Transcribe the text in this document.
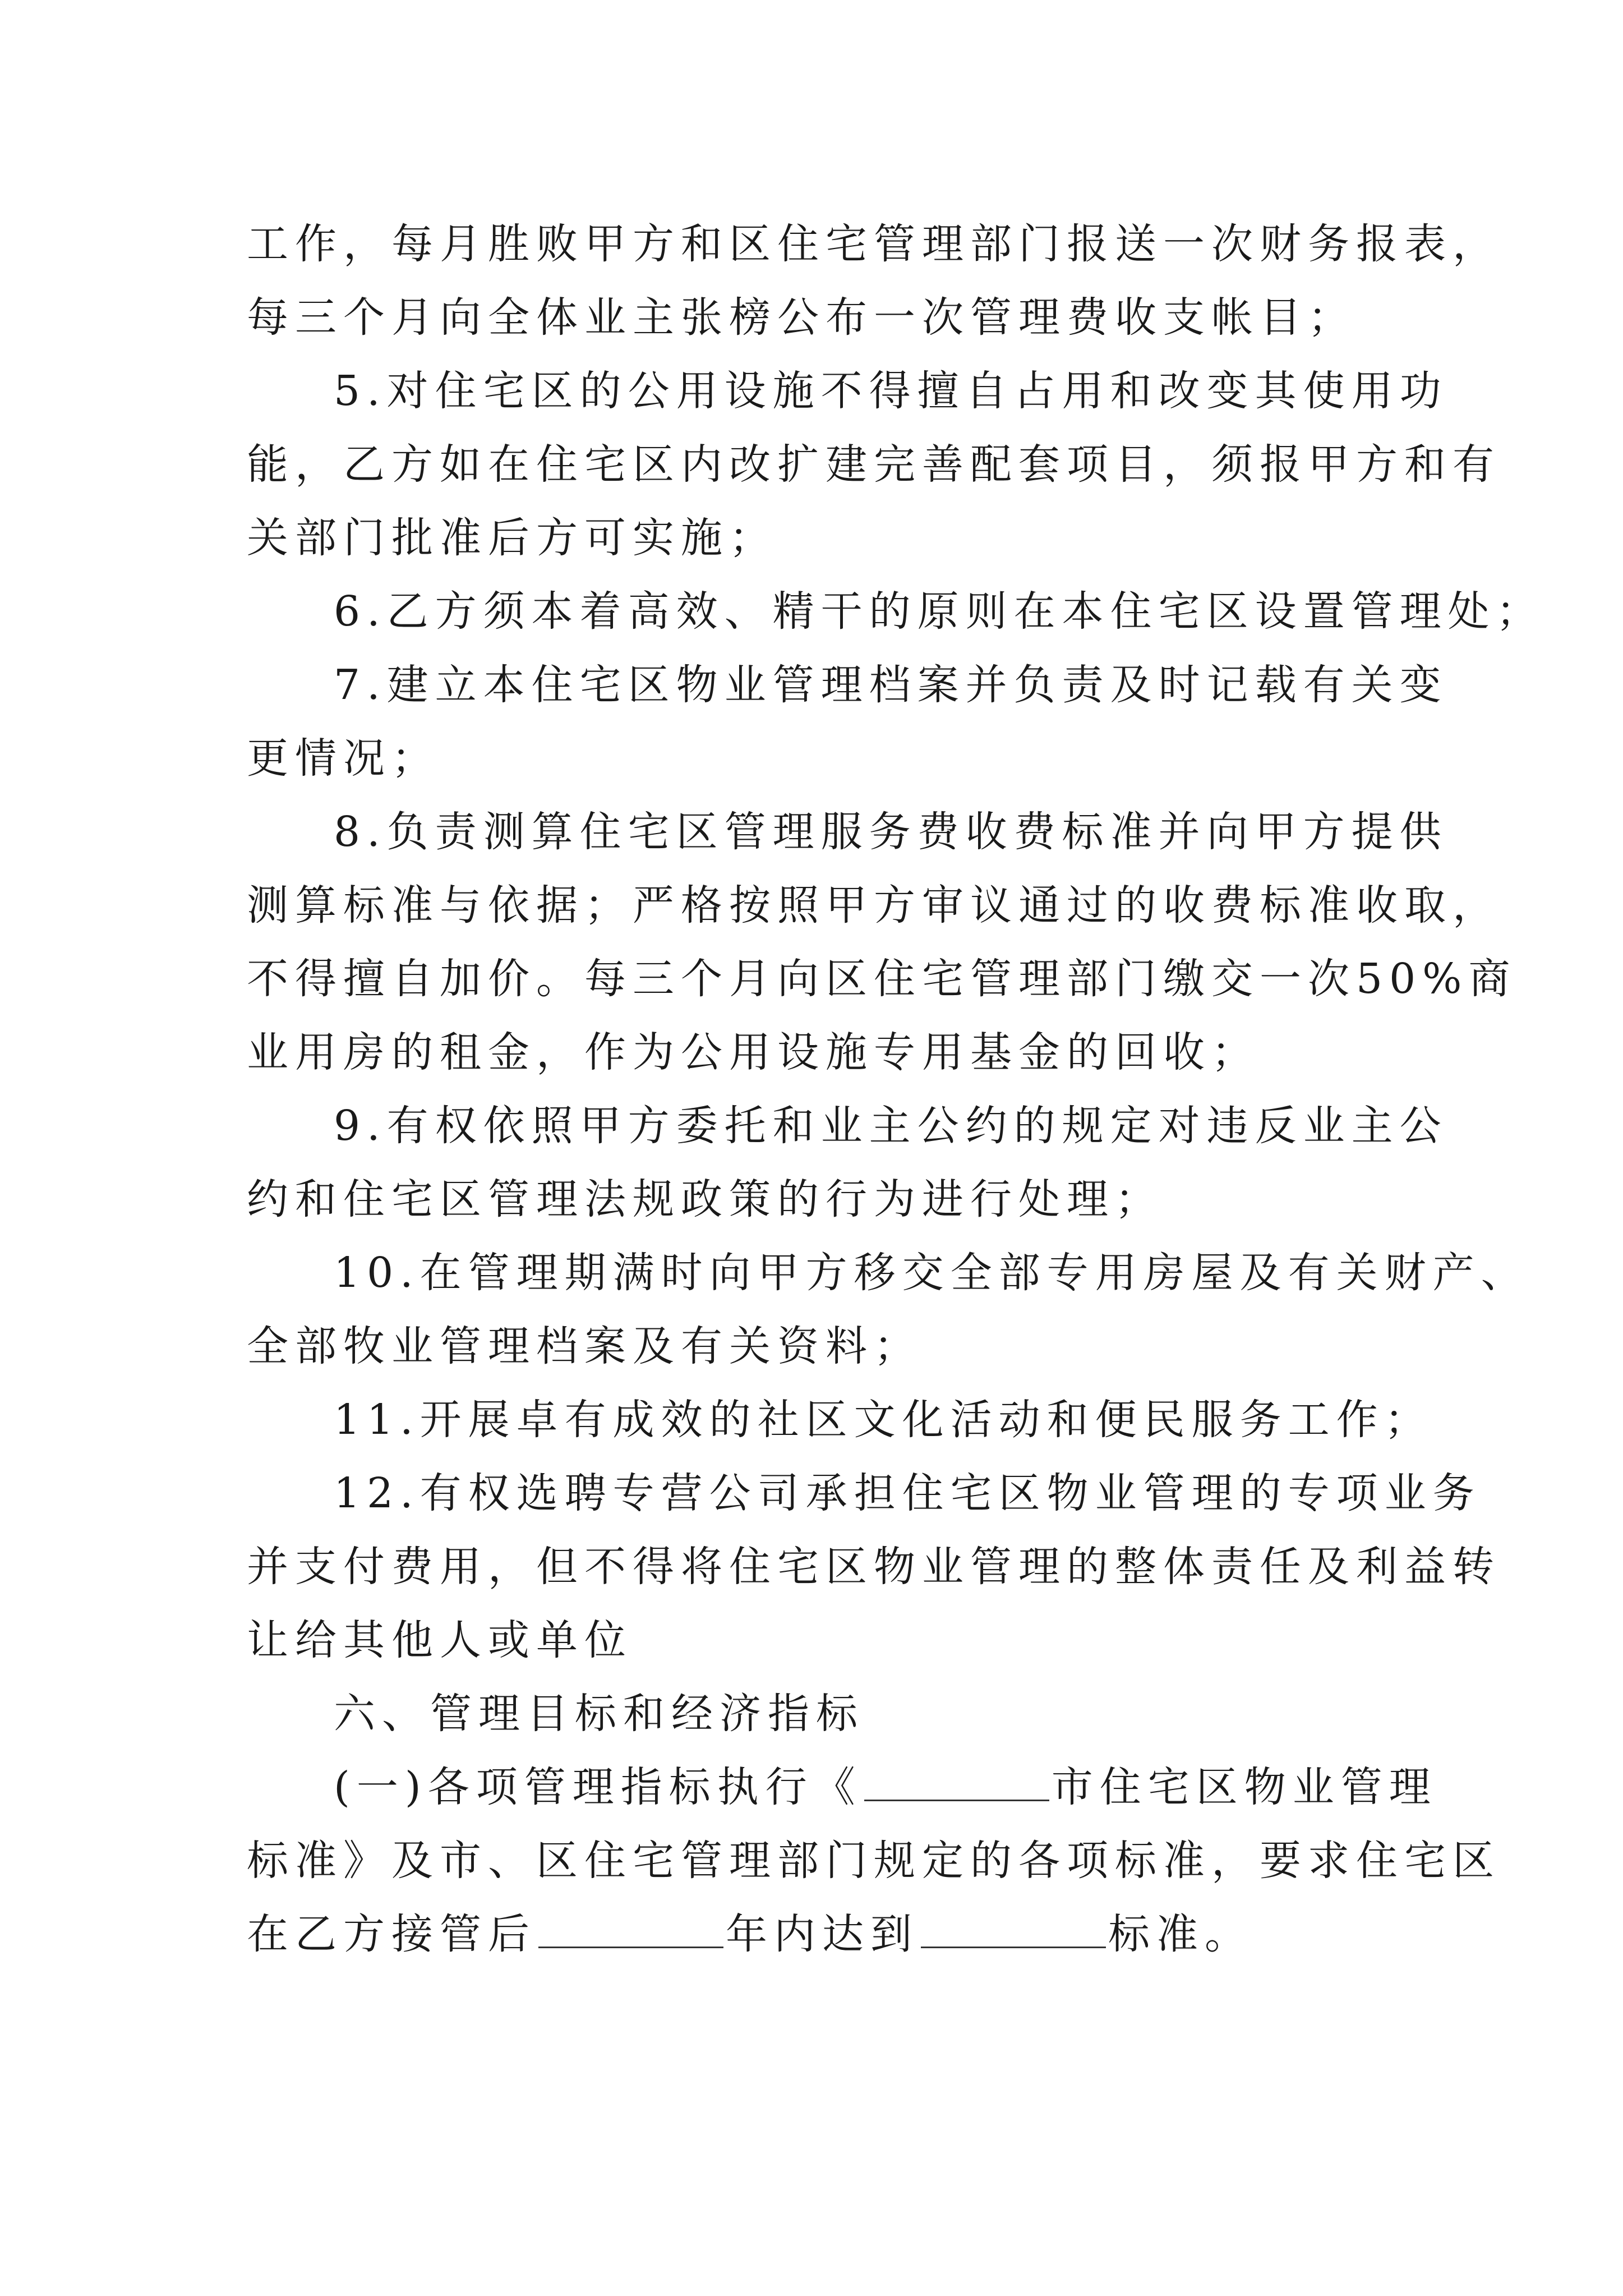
工作，每月胜败甲方和区住宅管理部门报送一次财务报表，
每三个月向全体业主张榜公布一次管理费收支帐目；
5.对住宅区的公用设施不得擅自占用和改变其使用功
能，乙方如在住宅区内改扩建完善配套项目，须报甲方和有
关部门批准后方可实施；
6.乙方须本着高效、精干的原则在本住宅区设置管理处；
7.建立本住宅区物业管理档案并负责及时记载有关变
更情况；
8.负责测算住宅区管理服务费收费标准并向甲方提供
测算标准与依据；严格按照甲方审议通过的收费标准收取，
不得擅自加价。每三个月向区住宅管理部门缴交一次50%商
业用房的租金，作为公用设施专用基金的回收；
9.有权依照甲方委托和业主公约的规定对违反业主公
约和住宅区管理法规政策的行为进行处理；
10.在管理期满时向甲方移交全部专用房屋及有关财产、
全部牧业管理档案及有关资料；
11.开展卓有成效的社区文化活动和便民服务工作；
12.有权选聘专营公司承担住宅区物业管理的专项业务
并支付费用，但不得将住宅区物业管理的整体责任及利益转
让给其他人或单位
六、管理目标和经济指标
(一)各项管理指标执行《	市住宅区物业管理
标准》及市、区住宅管理部门规定的各项标准，要求住宅区
在乙方接管后	年内达到	标准。
